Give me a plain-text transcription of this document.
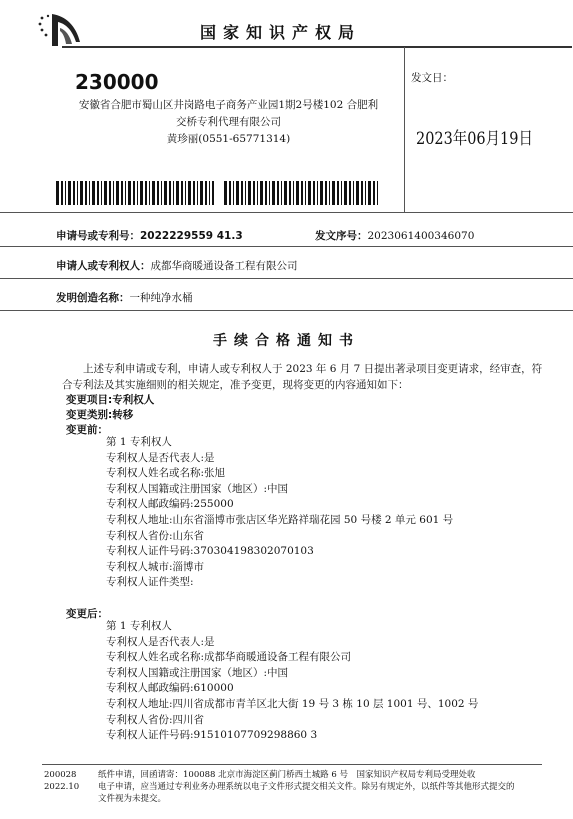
国家知识产权局
230000
安徽省合肥市蜀山区井岗路电子商务产业园1期2号楼102 合肥利
交桥专利代理有限公司
黄珍丽(0551-65771314)
发文日：
2023年06月19日
申请号或专利号：2022229559 41.3	发文序号：2023061400346070
申请人或专利权人：成都华商暖通设备工程有限公司
发明创造名称：一种纯净水桶
手续合格通知书
上述专利申请或专利，申请人或专利权人于 2023 年 6 月 7 日提出著录项目变更请求，经审查，符合专利法及其实施细则的相关规定，准予变更，现将变更的内容通知如下：
变更项目:专利权人
变更类别:转移
变更前：
第 1 专利权人
专利权人是否代表人:是
专利权人姓名或名称:张旭
专利权人国籍或注册国家（地区）:中国
专利权人邮政编码:255000
专利权人地址:山东省淄博市张店区华光路祥瑞花园 50 号楼 2 单元 601 号
专利权人省份:山东省
专利权人证件号码:370304198302070103
专利权人城市:淄博市
专利权人证件类型:
变更后：
第 1 专利权人
专利权人是否代表人:是
专利权人姓名或名称:成都华商暖通设备工程有限公司
专利权人国籍或注册国家（地区）:中国
专利权人邮政编码:610000
专利权人地址:四川省成都市青羊区北大街 19 号 3 栋 10 层 1001 号、1002 号
专利权人省份:四川省
专利权人证件号码:91510107709298860 3
200028
2022.10
纸件申请，回函请寄：100088 北京市海淀区蓟门桥西土城路 6 号　国家知识产权局专利局受理处收
电子申请，应当通过专利业务办理系统以电子文件形式提交相关文件。除另有规定外，以纸件等其他形式提交的
文件视为未提交。
